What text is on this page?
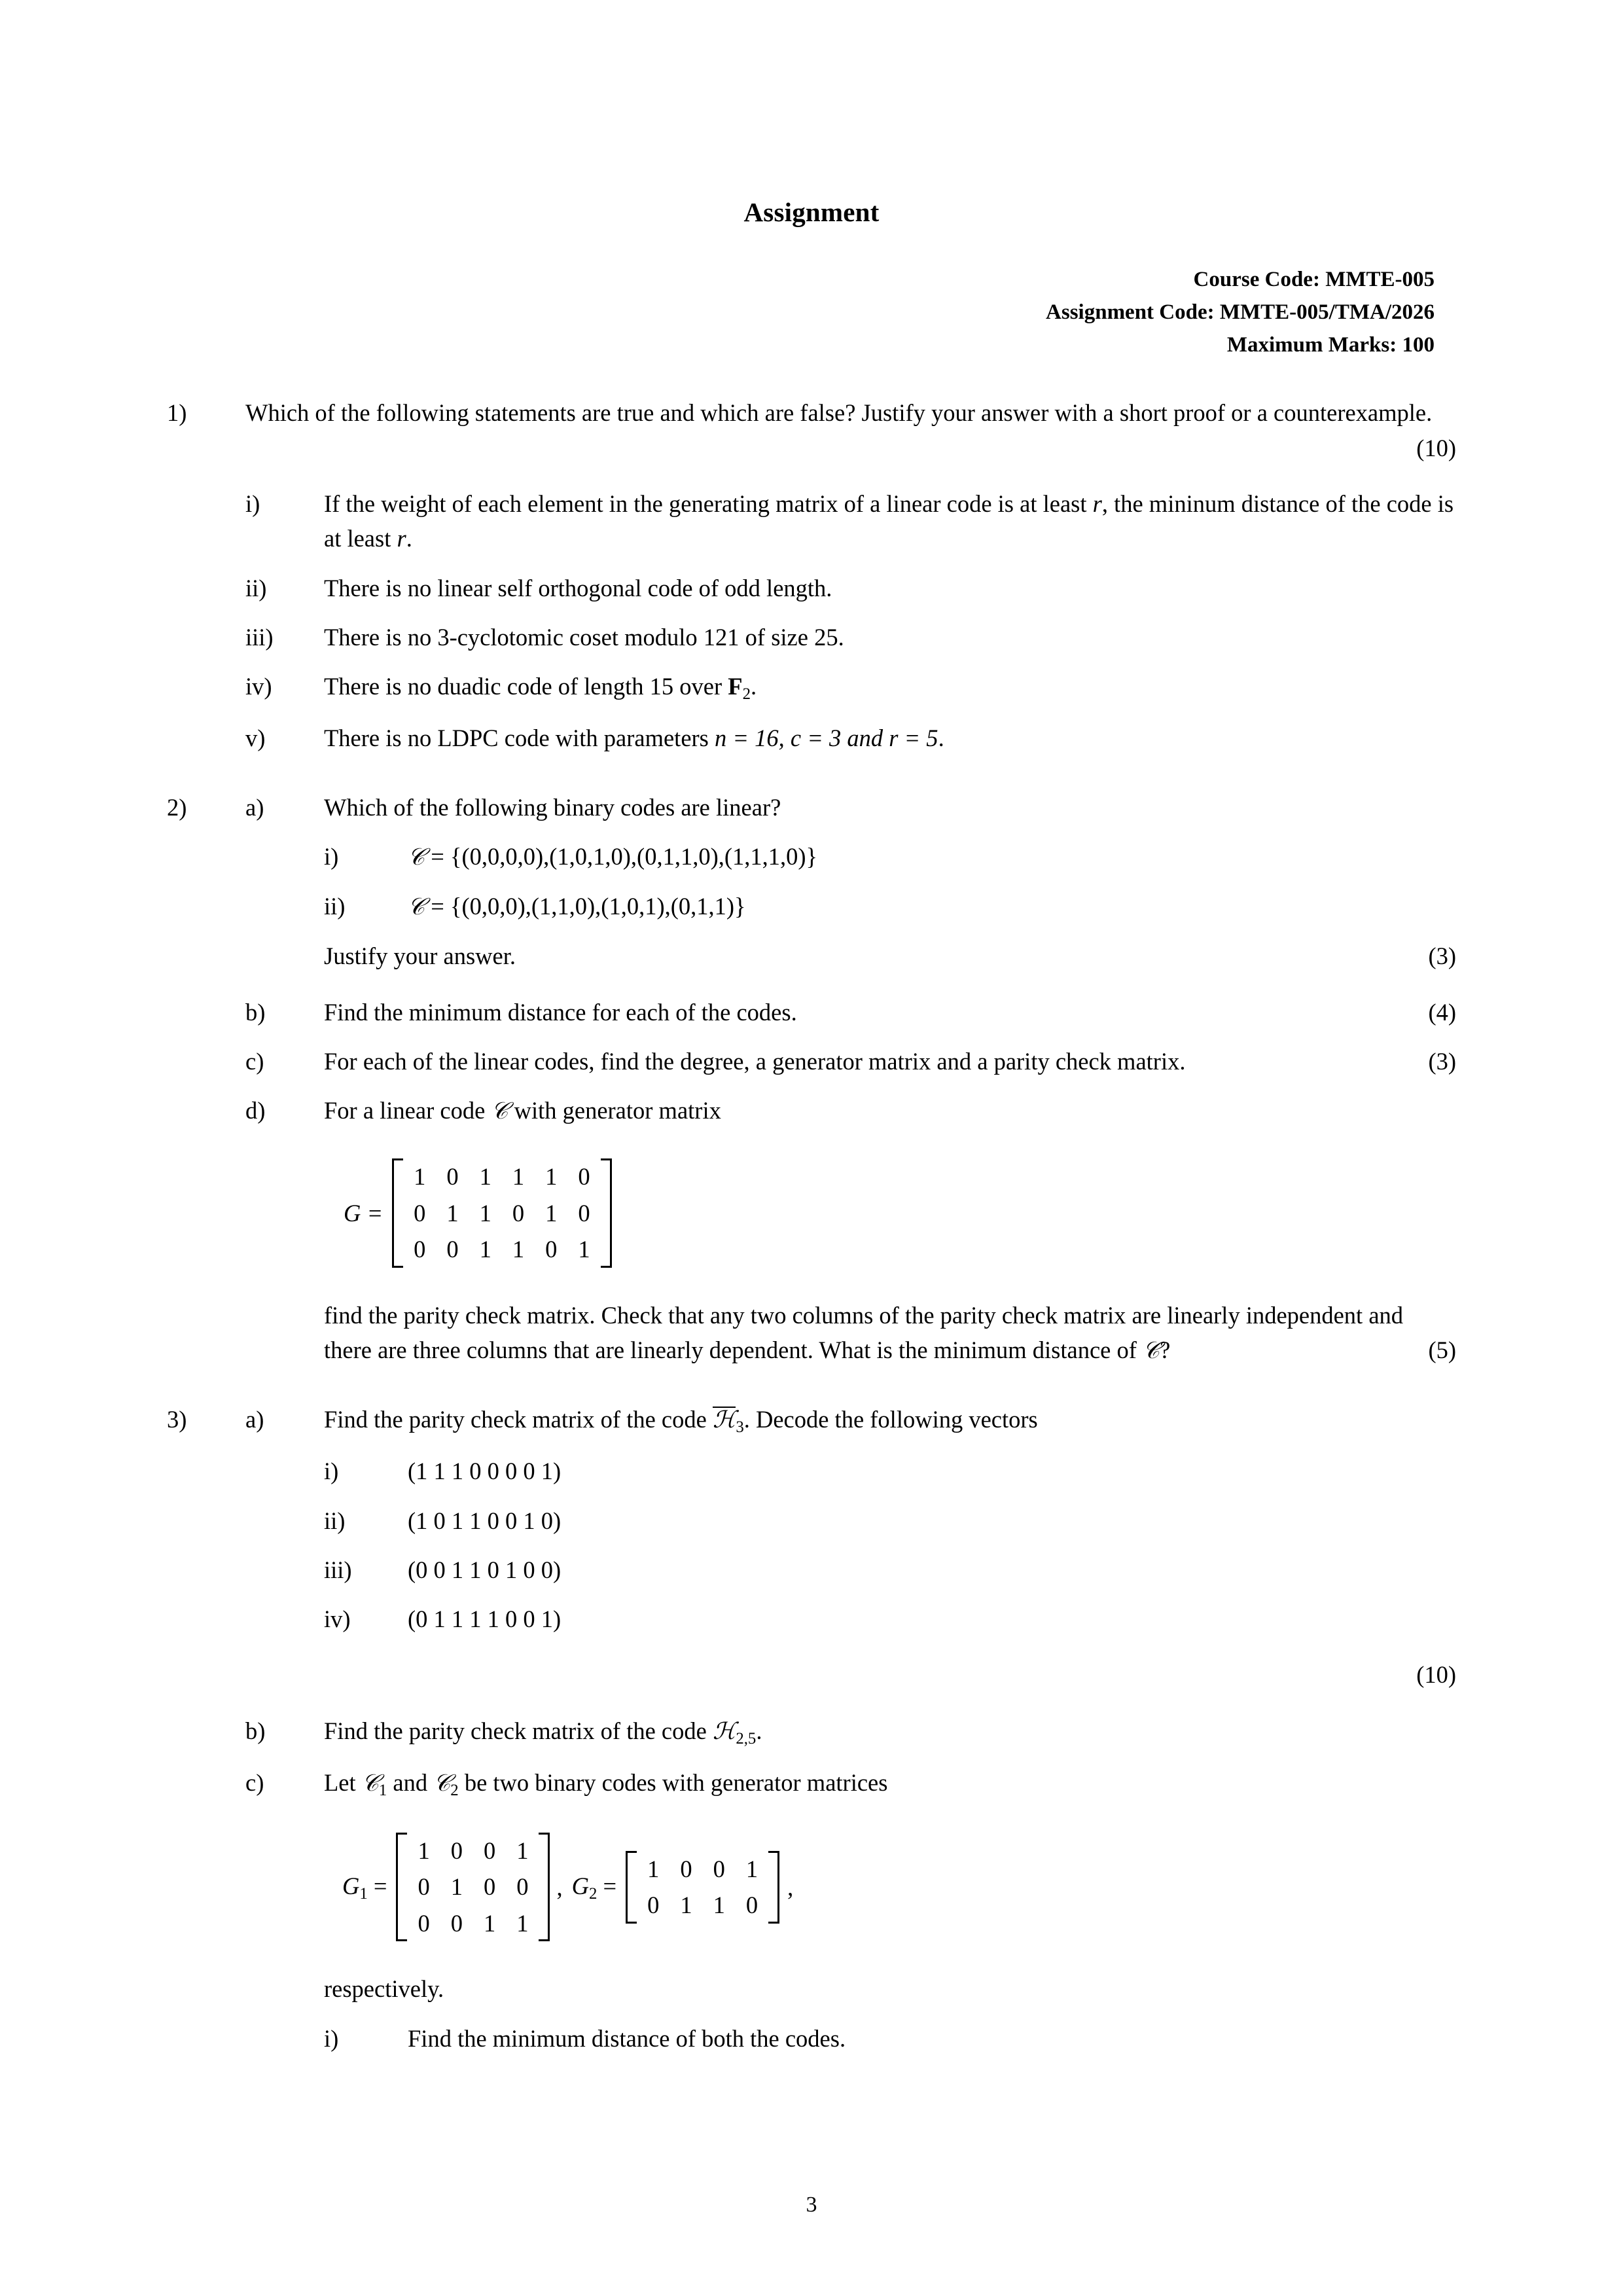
Assignment
Course Code: MMTE-005
Assignment Code: MMTE-005/TMA/2026
Maximum Marks: 100
1)	Which of the following statements are true and which are false? Justify your answer with a short proof or a counterexample.
(10)
i)	If the weight of each element in the generating matrix of a linear code is at least r, the mininum distance of the code is at least r.
ii)	There is no linear self orthogonal code of odd length.
iii)	There is no 3-cyclotomic coset modulo 121 of size 25.
iv)	There is no duadic code of length 15 over $F_2$.
v)	There is no LDPC code with parameters n = 16, c = 3 and r = 5.
2)	a)	Which of the following binary codes are linear?
i)	𝒞 = {(0,0,0,0),(1,0,1,0),(0,1,1,0),(1,1,1,0)}
ii)	𝒞 = {(0,0,0),(1,1,0),(1,0,1),(0,1,1)}
Justify your answer.	(3)
b)	Find the minimum distance for each of the codes.	(4)
c)	For each of the linear codes, find the degree, a generator matrix and a parity check matrix.	(3)
d)	For a linear code 𝒞 with generator matrix
G =
1	0	1	1	1	0
0	1	1	0	1	0
0	0	1	1	0	1
find the parity check matrix. Check that any two columns of the parity check matrix are linearly independent and there are three columns that are linearly dependent. What is the minimum distance of 𝒞?	(5)
3)	a)	Find the parity check matrix of the code ℋ$_3$. Decode the following vectors
i)	(1 1 1 0 0 0 0 1)
ii)	(1 0 1 1 0 0 1 0)
iii)	(0 0 1 1 0 1 0 0)
iv)	(0 1 1 1 1 0 0 1)
(10)
b)	Find the parity check matrix of the code ℋ$_{2,5}$.
c)	Let 𝒞$_1$ and 𝒞$_2$ be two binary codes with generator matrices
$G_1$ =
1	0	0	1
0	1	0	0
0	0	1	1
, $G_2$ =
1	0	0	1
0	1	1	0
,
respectively.
i)	Find the minimum distance of both the codes.
3
